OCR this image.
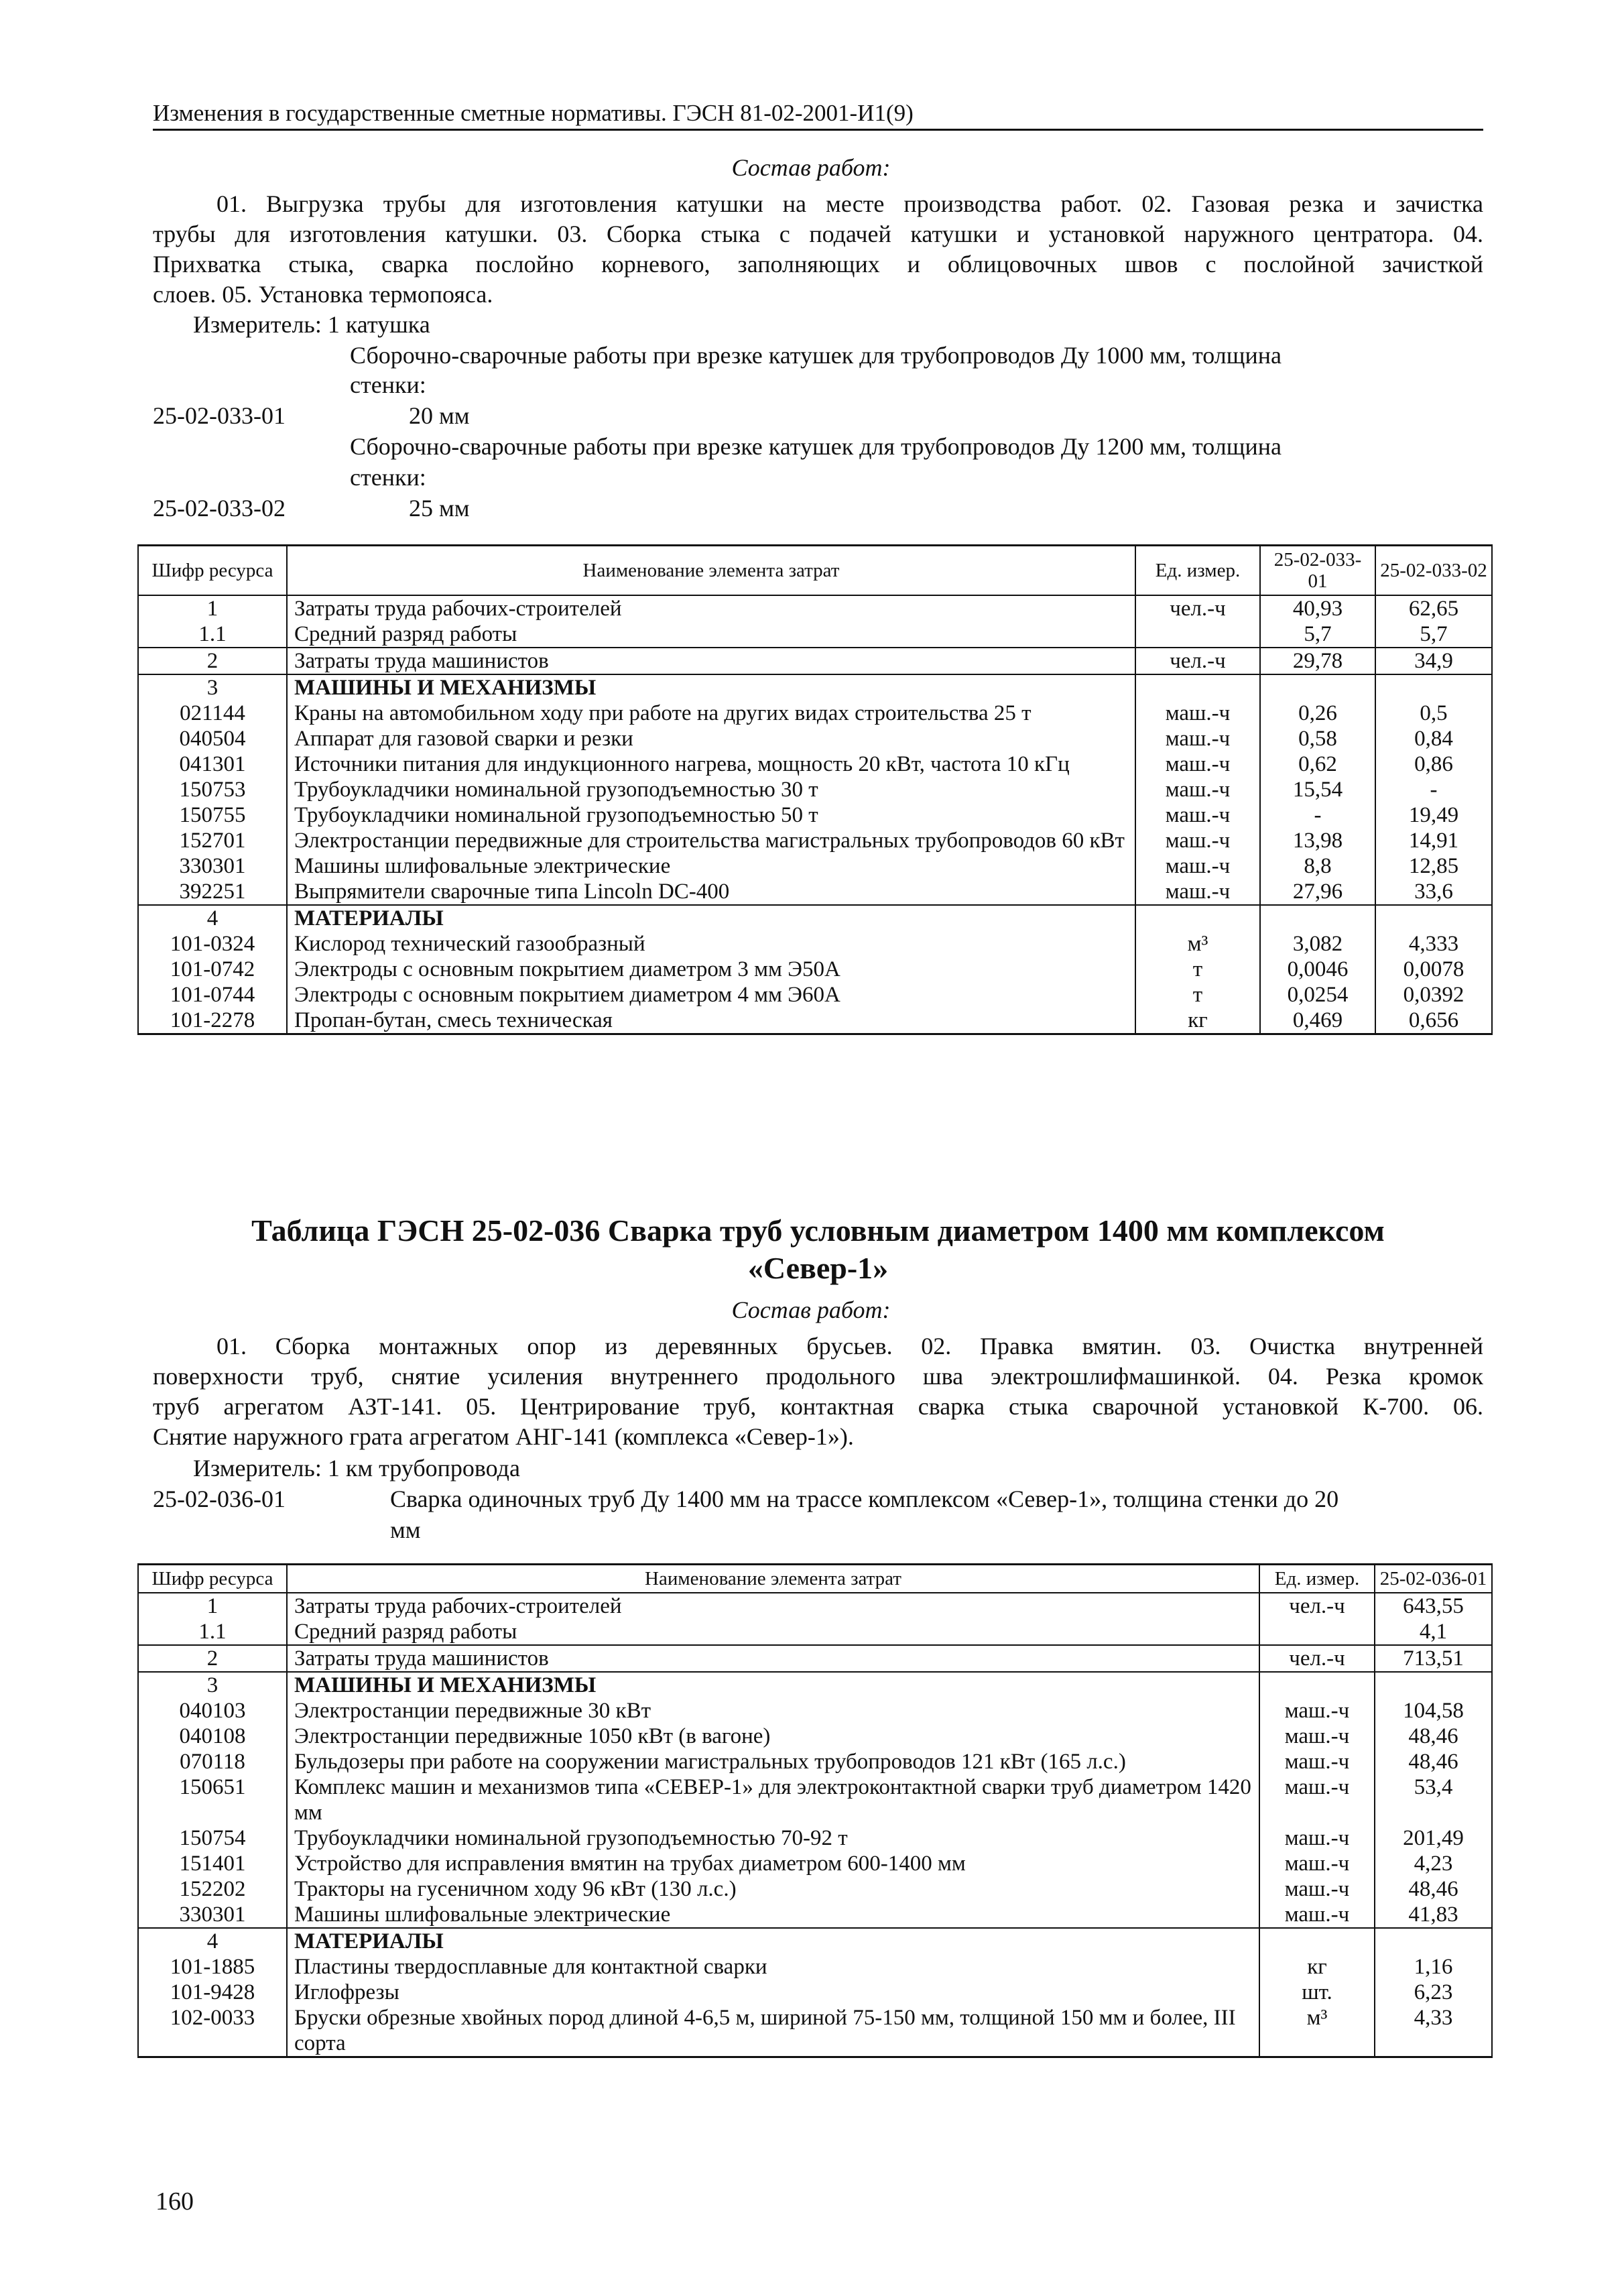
Изменения в государственные сметные нормативы. ГЭСН 81-02-2001-И1(9)
Состав работ:
01. Выгрузка трубы для изготовления катушки на месте производства работ. 02. Газовая резка и зачистка
трубы для изготовления катушки. 03. Сборка стыка с подачей катушки и установкой наружного центратора. 04.
Прихватка стыка, сварка послойно корневого, заполняющих и облицовочных швов с послойной зачисткой
слоев. 05. Установка термопояса.
Измеритель: 1 катушка
Сборочно-сварочные работы при врезке катушек для трубопроводов Ду 1000 мм, толщина
стенки:
25-02-033-01	20 мм
Сборочно-сварочные работы при врезке катушек для трубопроводов Ду 1200 мм, толщина
стенки:
25-02-033-02	25 мм
Шифр ресурса	Наименование элемента затрат	Ед. измер.	25-02-033-01	25-02-033-02
1	Затраты труда рабочих-строителей	чел.-ч	40,93	62,65
1.1	Средний разряд работы		5,7	5,7
2	Затраты труда машинистов	чел.-ч	29,78	34,9
3	МАШИНЫ И МЕХАНИЗМЫ			
021144	Краны на автомобильном ходу при работе на других видах строительства 25 т	маш.-ч	0,26	0,5
040504	Аппарат для газовой сварки и резки	маш.-ч	0,58	0,84
041301	Источники питания для индукционного нагрева, мощность 20 кВт, частота 10 кГц	маш.-ч	0,62	0,86
150753	Трубоукладчики номинальной грузоподъемностью 30 т	маш.-ч	15,54	-
150755	Трубоукладчики номинальной грузоподъемностью 50 т	маш.-ч	-	19,49
152701	Электростанции передвижные для строительства магистральных трубопроводов 60 кВт	маш.-ч	13,98	14,91
330301	Машины шлифовальные электрические	маш.-ч	8,8	12,85
392251	Выпрямители сварочные типа Lincoln DC-400	маш.-ч	27,96	33,6
4	МАТЕРИАЛЫ			
101-0324	Кислород технический газообразный	м³	3,082	4,333
101-0742	Электроды с основным покрытием диаметром 3 мм Э50А	т	0,0046	0,0078
101-0744	Электроды с основным покрытием диаметром 4 мм Э60А	т	0,0254	0,0392
101-2278	Пропан-бутан, смесь техническая	кг	0,469	0,656
Таблица ГЭСН 25-02-036 Сварка труб условным диаметром 1400 мм комплексом
«Север-1»
Состав работ:
01. Сборка монтажных опор из деревянных брусьев. 02. Правка вмятин. 03. Очистка внутренней
поверхности труб, снятие усиления внутреннего продольного шва электрошлифмашинкой. 04. Резка кромок
труб агрегатом АЗТ-141. 05. Центрирование труб, контактная сварка стыка сварочной установкой К-700. 06.
Снятие наружного грата агрегатом АНГ-141 (комплекса «Север-1»).
Измеритель: 1 км трубопровода
25-02-036-01	Сварка одиночных труб Ду 1400 мм на трассе комплексом «Север-1», толщина стенки до 20
мм
Шифр ресурса	Наименование элемента затрат	Ед. измер.	25-02-036-01
1	Затраты труда рабочих-строителей	чел.-ч	643,55
1.1	Средний разряд работы		4,1
2	Затраты труда машинистов	чел.-ч	713,51
3	МАШИНЫ И МЕХАНИЗМЫ		
040103	Электростанции передвижные 30 кВт	маш.-ч	104,58
040108	Электростанции передвижные 1050 кВт (в вагоне)	маш.-ч	48,46
070118	Бульдозеры при работе на сооружении магистральных трубопроводов 121 кВт (165 л.с.)	маш.-ч	48,46
150651	Комплекс машин и механизмов типа «СЕВЕР-1» для электроконтактной сварки труб диаметром 1420 мм	маш.-ч	53,4
150754	Трубоукладчики номинальной грузоподъемностью 70-92 т	маш.-ч	201,49
151401	Устройство для исправления вмятин на трубах диаметром 600-1400 мм	маш.-ч	4,23
152202	Тракторы на гусеничном ходу 96 кВт (130 л.с.)	маш.-ч	48,46
330301	Машины шлифовальные электрические	маш.-ч	41,83
4	МАТЕРИАЛЫ		
101-1885	Пластины твердосплавные для контактной сварки	кг	1,16
101-9428	Иглофрезы	шт.	6,23
102-0033	Бруски обрезные хвойных пород длиной 4-6,5 м, шириной 75-150 мм, толщиной 150 мм и более, III сорта	м³	4,33
160
